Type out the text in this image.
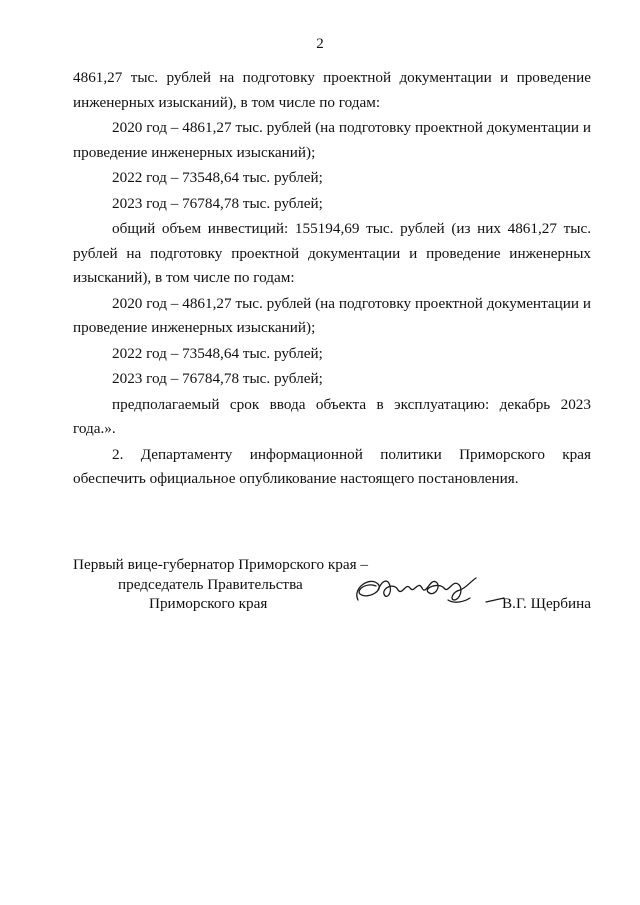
2

4861,27 тыс. рублей на подготовку проектной документации и проведение инженерных изысканий), в том числе по годам:

2020 год – 4861,27 тыс. рублей (на подготовку проектной документации и проведение инженерных изысканий);

2022 год – 73548,64 тыс. рублей;

2023 год – 76784,78 тыс. рублей;

общий объем инвестиций: 155194,69 тыс. рублей (из них 4861,27 тыс. рублей на подготовку проектной документации и проведение инженерных изысканий), в том числе по годам:

2020 год – 4861,27 тыс. рублей (на подготовку проектной документации и проведение инженерных изысканий);

2022 год – 73548,64 тыс. рублей;

2023 год – 76784,78 тыс. рублей;

предполагаемый срок ввода объекта в эксплуатацию: декабрь 2023 года.».

2. Департаменту информационной политики Приморского края обеспечить официальное опубликование настоящего постановления.

Первый вице-губернатор Приморского края –
председатель Правительства
Приморского края	В.Г. Щербина
